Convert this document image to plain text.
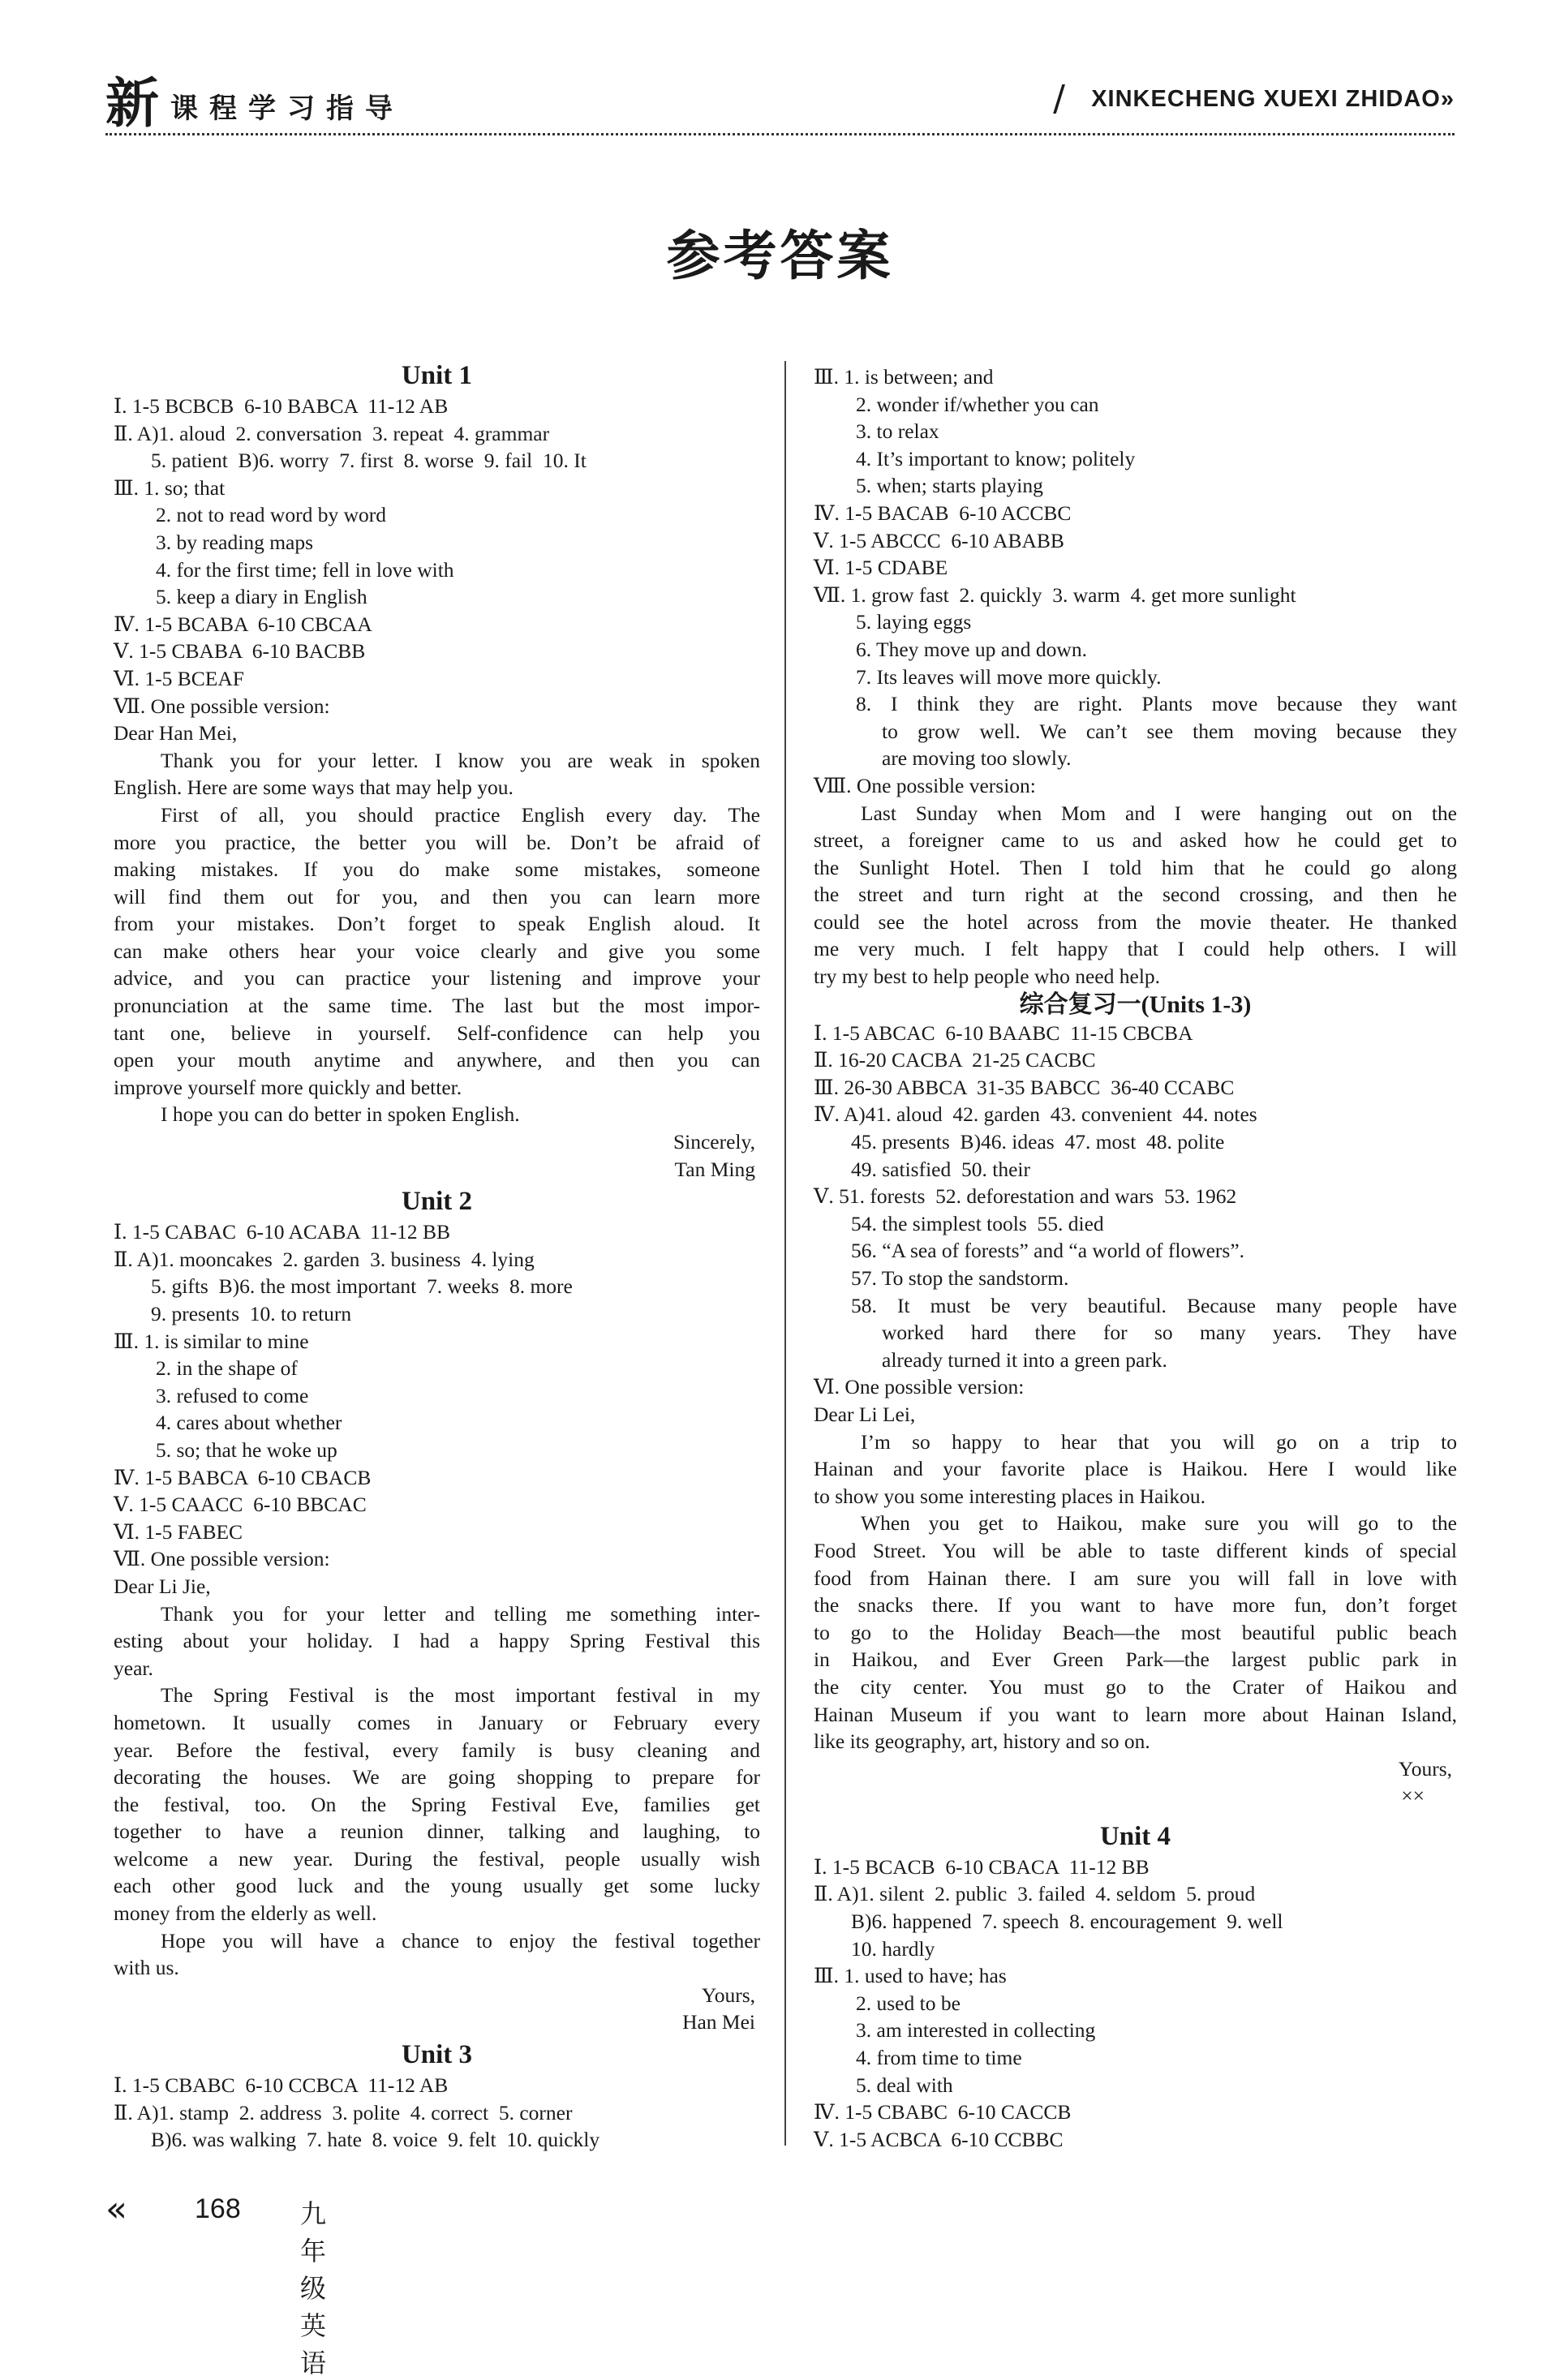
新 课程学习指导	/ XINKECHENG XUEXI ZHIDAO»
参考答案
Unit 1
Ⅰ. 1-5 BCBCB  6-10 BABCA  11-12 AB
Ⅱ. A)1. aloud  2. conversation  3. repeat  4. grammar
5. patient  B)6. worry  7. first  8. worse  9. fail  10. It
Ⅲ. 1. so; that
2. not to read word by word
3. by reading maps
4. for the first time; fell in love with
5. keep a diary in English
Ⅳ. 1-5 BCABA  6-10 CBCAA
Ⅴ. 1-5 CBABA  6-10 BACBB
Ⅵ. 1-5 BCEAF
Ⅶ. One possible version:
Dear Han Mei,
Thank you for your letter. I know you are weak in spoken
English. Here are some ways that may help you.
First of all, you should practice English every day. The
more you practice, the better you will be. Don’t be afraid of
making mistakes. If you do make some mistakes, someone
will find them out for you, and then you can learn more
from your mistakes. Don’t forget to speak English aloud. It
can make others hear your voice clearly and give you some
advice, and you can practice your listening and improve your
pronunciation at the same time. The last but the most impor-
tant one, believe in yourself. Self-confidence can help you
open your mouth anytime and anywhere, and then you can
improve yourself more quickly and better.
I hope you can do better in spoken English.
Sincerely,
Tan Ming
Unit 2
Ⅰ. 1-5 CABAC  6-10 ACABA  11-12 BB
Ⅱ. A)1. mooncakes  2. garden  3. business  4. lying
5. gifts  B)6. the most important  7. weeks  8. more
9. presents  10. to return
Ⅲ. 1. is similar to mine
2. in the shape of
3. refused to come
4. cares about whether
5. so; that he woke up
Ⅳ. 1-5 BABCA  6-10 CBACB
Ⅴ. 1-5 CAACC  6-10 BBCAC
Ⅵ. 1-5 FABEC
Ⅶ. One possible version:
Dear Li Jie,
Thank you for your letter and telling me something inter-
esting about your holiday. I had a happy Spring Festival this
year.
The Spring Festival is the most important festival in my
hometown. It usually comes in January or February every
year. Before the festival, every family is busy cleaning and
decorating the houses. We are going shopping to prepare for
the festival, too. On the Spring Festival Eve, families get
together to have a reunion dinner, talking and laughing, to
welcome a new year. During the festival, people usually wish
each other good luck and the young usually get some lucky
money from the elderly as well.
Hope you will have a chance to enjoy the festival together
with us.
Yours,
Han Mei
Unit 3
Ⅰ. 1-5 CBABC  6-10 CCBCA  11-12 AB
Ⅱ. A)1. stamp  2. address  3. polite  4. correct  5. corner
B)6. was walking  7. hate  8. voice  9. felt  10. quickly
Ⅲ. 1. is between; and
2. wonder if/whether you can
3. to relax
4. It’s important to know; politely
5. when; starts playing
Ⅳ. 1-5 BACAB  6-10 ACCBC
Ⅴ. 1-5 ABCCC  6-10 ABABB
Ⅵ. 1-5 CDABE
Ⅶ. 1. grow fast  2. quickly  3. warm  4. get more sunlight
5. laying eggs
6. They move up and down.
7. Its leaves will move more quickly.
8. I think they are right. Plants move because they want
to grow well. We can’t see them moving because they
are moving too slowly.
Ⅷ. One possible version:
Last Sunday when Mom and I were hanging out on the
street, a foreigner came to us and asked how he could get to
the Sunlight Hotel. Then I told him that he could go along
the street and turn right at the second crossing, and then he
could see the hotel across from the movie theater. He thanked
me very much. I felt happy that I could help others. I will
try my best to help people who need help.
综合复习一(Units 1-3)
Ⅰ. 1-5 ABCAC  6-10 BAABC  11-15 CBCBA
Ⅱ. 16-20 CACBA  21-25 CACBC
Ⅲ. 26-30 ABBCA  31-35 BABCC  36-40 CCABC
Ⅳ. A)41. aloud  42. garden  43. convenient  44. notes
45. presents  B)46. ideas  47. most  48. polite
49. satisfied  50. their
Ⅴ. 51. forests  52. deforestation and wars  53. 1962
54. the simplest tools  55. died
56. “A sea of forests” and “a world of flowers”.
57. To stop the sandstorm.
58. It must be very beautiful. Because many people have
worked hard there for so many years. They have
already turned it into a green park.
Ⅵ. One possible version:
Dear Li Lei,
I’m so happy to hear that you will go on a trip to
Hainan and your favorite place is Haikou. Here I would like
to show you some interesting places in Haikou.
When you get to Haikou, make sure you will go to the
Food Street. You will be able to taste different kinds of special
food from Hainan there. I am sure you will fall in love with
the snacks there. If you want to have more fun, don’t forget
to go to the Holiday Beach—the most beautiful public beach
in Haikou, and Ever Green Park—the largest public park in
the city center. You must go to the Crater of Haikou and
Hainan Museum if you want to learn more about Hainan Island,
like its geography, art, history and so on.
Yours,
××
Unit 4
Ⅰ. 1-5 BCACB  6-10 CBACA  11-12 BB
Ⅱ. A)1. silent  2. public  3. failed  4. seldom  5. proud
B)6. happened  7. speech  8. encouragement  9. well
10. hardly
Ⅲ. 1. used to have; has
2. used to be
3. am interested in collecting
4. from time to time
5. deal with
Ⅳ. 1-5 CBABC  6-10 CACCB
Ⅴ. 1-5 ACBCA  6-10 CCBBC
« 168 九年级英语
